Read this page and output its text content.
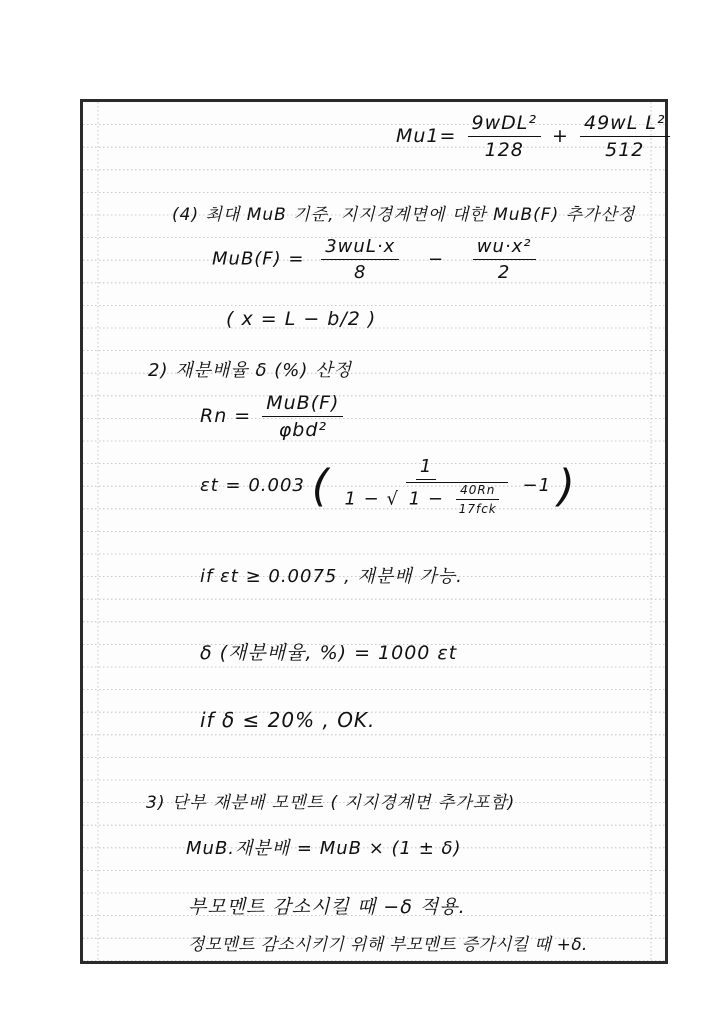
$Mu1= \frac{\text{9wDL²}}{128} + \frac{\text{49wL L²}}{512}$
(4) 최대 MuB 기준, 지지경계면에 대한 MuB(F) 추가산정
$MuB(F) = \frac{\text{3wuL·x}}{8} - \frac{\text{wu·x²}}{2}$
( x = L − b/2 )
2) 재분배율 δ (%) 산정
$Rn = \frac{\text{MuB(F)}}{\text{φbd²}}$
εt = 0.003 (	1
1 − √ $1 - \frac{40Rn}{\text{17fck}} -1$ )
if εt ≥ 0.0075 , 재분배 가능.
δ (재분배율, %) = 1000 εt
if δ ≤ 20% , OK.
3) 단부 재분배 모멘트 ( 지지경계면 추가포함)
MuB.재분배 = MuB × (1 ± δ)
부모멘트 감소시킬 때 −δ 적용.
정모멘트 감소시키기 위해 부모멘트 증가시킬 때 +δ.
